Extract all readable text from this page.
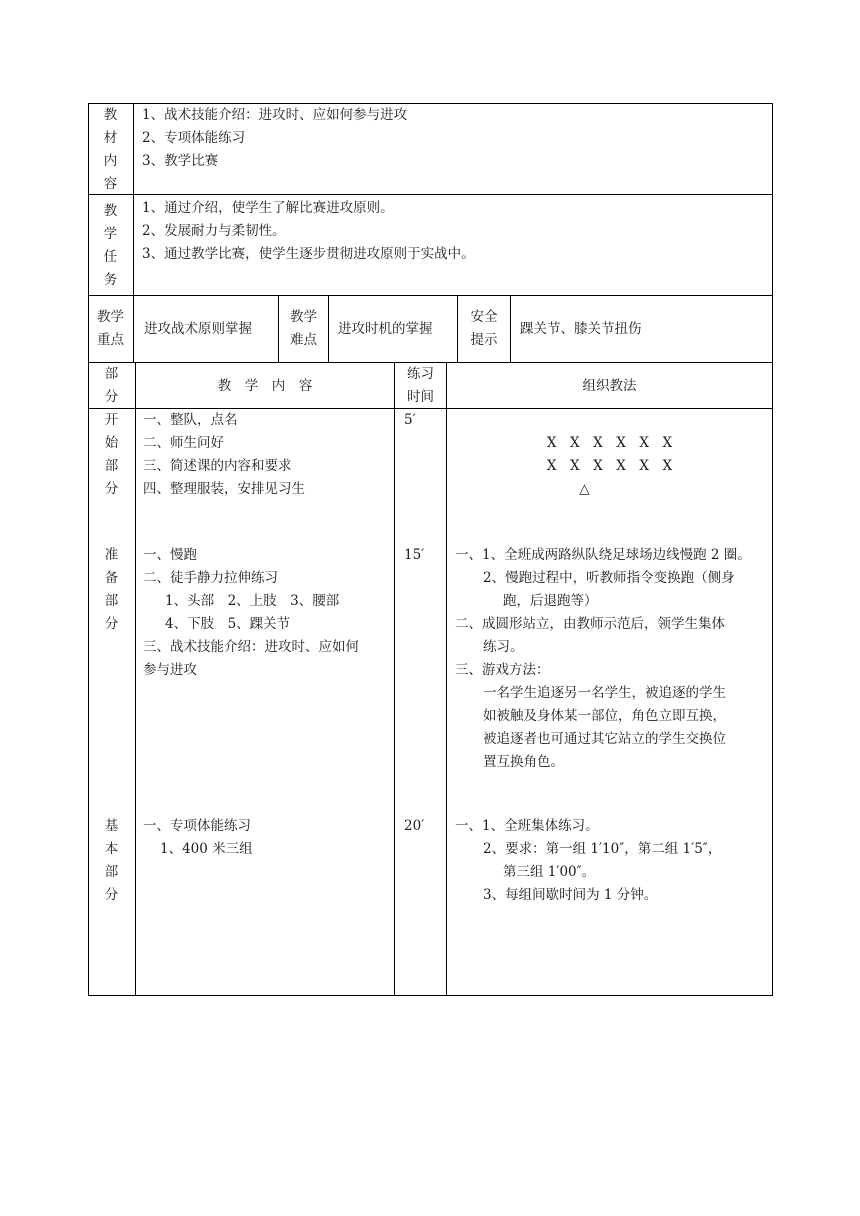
教
材
内
容
1、战术技能介绍：进攻时、应如何参与进攻
2、专项体能练习
3、教学比赛
教
学
任
务
1、通过介绍，使学生了解比赛进攻原则。
2、发展耐力与柔韧性。
3、通过教学比赛，使学生逐步贯彻进攻原则于实战中。
教学
重点
进攻战术原则掌握
教学
难点
进攻时机的掌握
安全
提示
踝关节、膝关节扭伤
部
分
教　学　内　容
练习
时间
组织教法
开
始
部
分
一、整队，点名
二、师生问好
三、简述课的内容和要求
四、整理服装，安排见习生
5′
X　X　X　X　X　X
X　X　X　X　X　X
△
准
备
部
分
一、慢跑
二、徒手静力拉伸练习
1、头部　2、上肢　3、腰部
4、下肢　5、踝关节
三、战术技能介绍：进攻时、应如何
参与进攻
15′ 一、1、全班成两路纵队绕足球场边线慢跑 2 圈。
2、慢跑过程中，听教师指令变换跑（侧身
跑，后退跑等）
二、成圆形站立，由教师示范后，领学生集体
练习。
三、游戏方法：
一名学生追逐另一名学生，被追逐的学生
如被触及身体某一部位，角色立即互换，
被追逐者也可通过其它站立的学生交换位
置互换角色。
基
本
部
分
一、专项体能练习
1、400 米三组
20′ 一、1、全班集体练习。
2、要求：第一组 1′10″，第二组 1′5″，
第三组 1′00″。
3、每组间歇时间为 1 分钟。
